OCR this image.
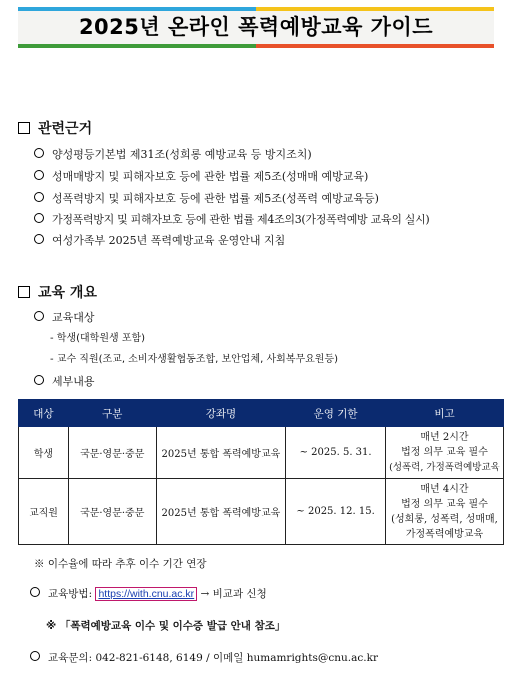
2025년 온라인 폭력예방교육 가이드
관련근거
양성평등기본법 제31조(성희롱 예방교육 등 방지조치)
성매매방지 및 피해자보호 등에 관한 법률 제5조(성매매 예방교육)
성폭력방지 및 피해자보호 등에 관한 법률 제5조(성폭력 예방교육등)
가정폭력방지 및 피해자보호 등에 관한 법률 제4조의3(가정폭력예방 교육의 실시)
여성가족부 2025년 폭력예방교육 운영안내 지침
교육 개요
교육대상
- 학생(대학원생 포함)
- 교수 직원(조교, 소비자생활협동조합, 보안업체, 사회복무요원등)
세부내용
대상	구분	강좌명	운영 기한	비고
학생	국문·영문·중문	2025년 통합 폭력예방교육	~ 2025. 5. 31.	매년 2시간
법정 의무 교육 필수
(성폭력, 가정폭력예방교육

교직원	국문·영문·중문	2025년 통합 폭력예방교육	~ 2025. 12. 15.	매년 4시간
법정 의무 교육 필수
(성희롱, 성폭력, 성매매,
가정폭력예방교육
※ 이수율에 따라 추후 이수 기간 연장
교육방법: https://with.cnu.ac.kr → 비교과 신청
※ 「폭력예방교육 이수 및 이수증 발급 안내 참조」
교육문의: 042-821-6148, 6149 / 이메일 humamrights@cnu.ac.kr
